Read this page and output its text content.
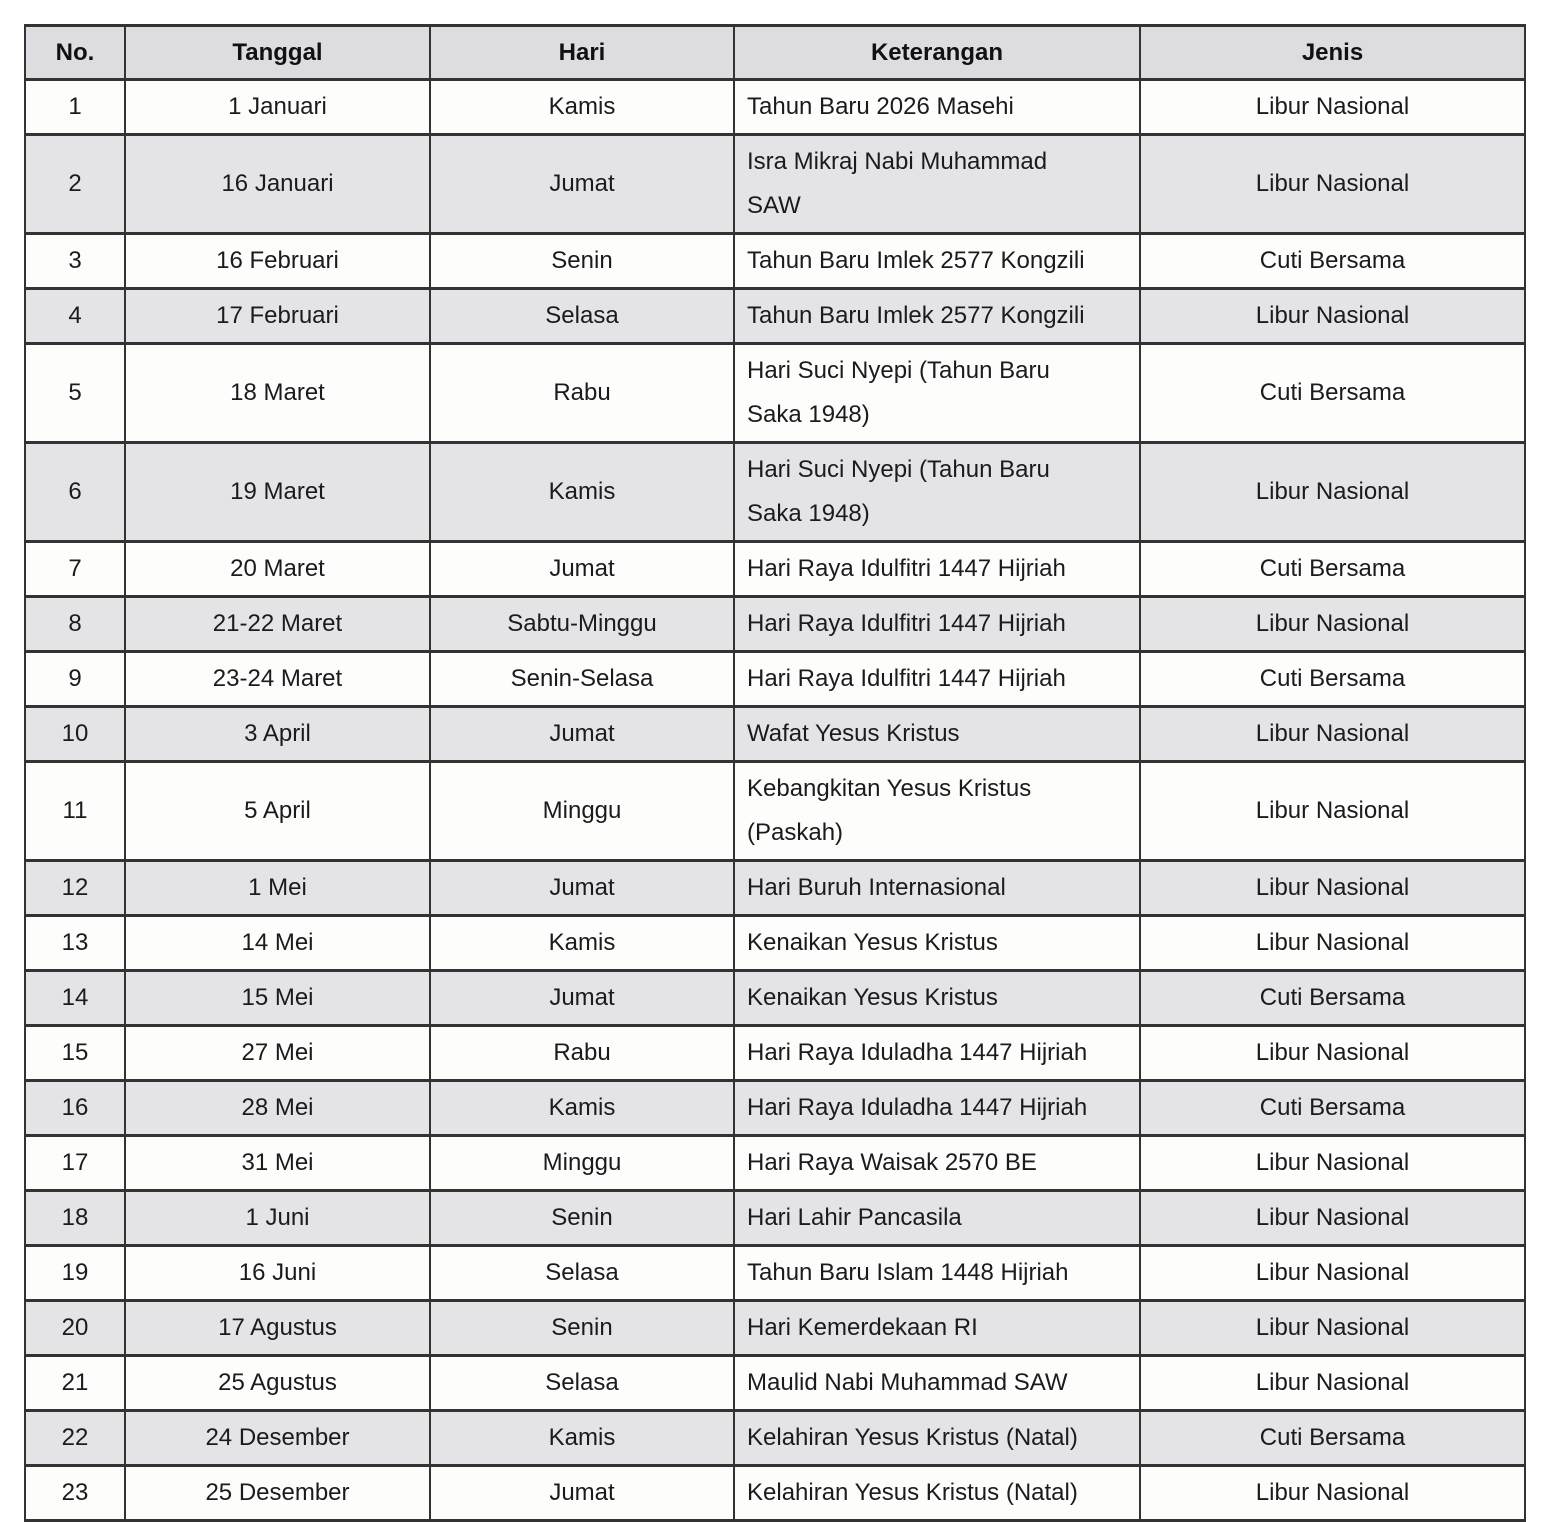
No.	Tanggal	Hari	Keterangan	Jenis
1	1 Januari	Kamis	Tahun Baru 2026 Masehi	Libur Nasional
2	16 Januari	Jumat	Isra Mikraj Nabi Muhammad SAW	Libur Nasional
3	16 Februari	Senin	Tahun Baru Imlek 2577 Kongzili	Cuti Bersama
4	17 Februari	Selasa	Tahun Baru Imlek 2577 Kongzili	Libur Nasional
5	18 Maret	Rabu	Hari Suci Nyepi (Tahun Baru Saka 1948)	Cuti Bersama
6	19 Maret	Kamis	Hari Suci Nyepi (Tahun Baru Saka 1948)	Libur Nasional
7	20 Maret	Jumat	Hari Raya Idulfitri 1447 Hijriah	Cuti Bersama
8	21-22 Maret	Sabtu-Minggu	Hari Raya Idulfitri 1447 Hijriah	Libur Nasional
9	23-24 Maret	Senin-Selasa	Hari Raya Idulfitri 1447 Hijriah	Cuti Bersama
10	3 April	Jumat	Wafat Yesus Kristus	Libur Nasional
11	5 April	Minggu	Kebangkitan Yesus Kristus (Paskah)	Libur Nasional
12	1 Mei	Jumat	Hari Buruh Internasional	Libur Nasional
13	14 Mei	Kamis	Kenaikan Yesus Kristus	Libur Nasional
14	15 Mei	Jumat	Kenaikan Yesus Kristus	Cuti Bersama
15	27 Mei	Rabu	Hari Raya Iduladha 1447 Hijriah	Libur Nasional
16	28 Mei	Kamis	Hari Raya Iduladha 1447 Hijriah	Cuti Bersama
17	31 Mei	Minggu	Hari Raya Waisak 2570 BE	Libur Nasional
18	1 Juni	Senin	Hari Lahir Pancasila	Libur Nasional
19	16 Juni	Selasa	Tahun Baru Islam 1448 Hijriah	Libur Nasional
20	17 Agustus	Senin	Hari Kemerdekaan RI	Libur Nasional
21	25 Agustus	Selasa	Maulid Nabi Muhammad SAW	Libur Nasional
22	24 Desember	Kamis	Kelahiran Yesus Kristus (Natal)	Cuti Bersama
23	25 Desember	Jumat	Kelahiran Yesus Kristus (Natal)	Libur Nasional
